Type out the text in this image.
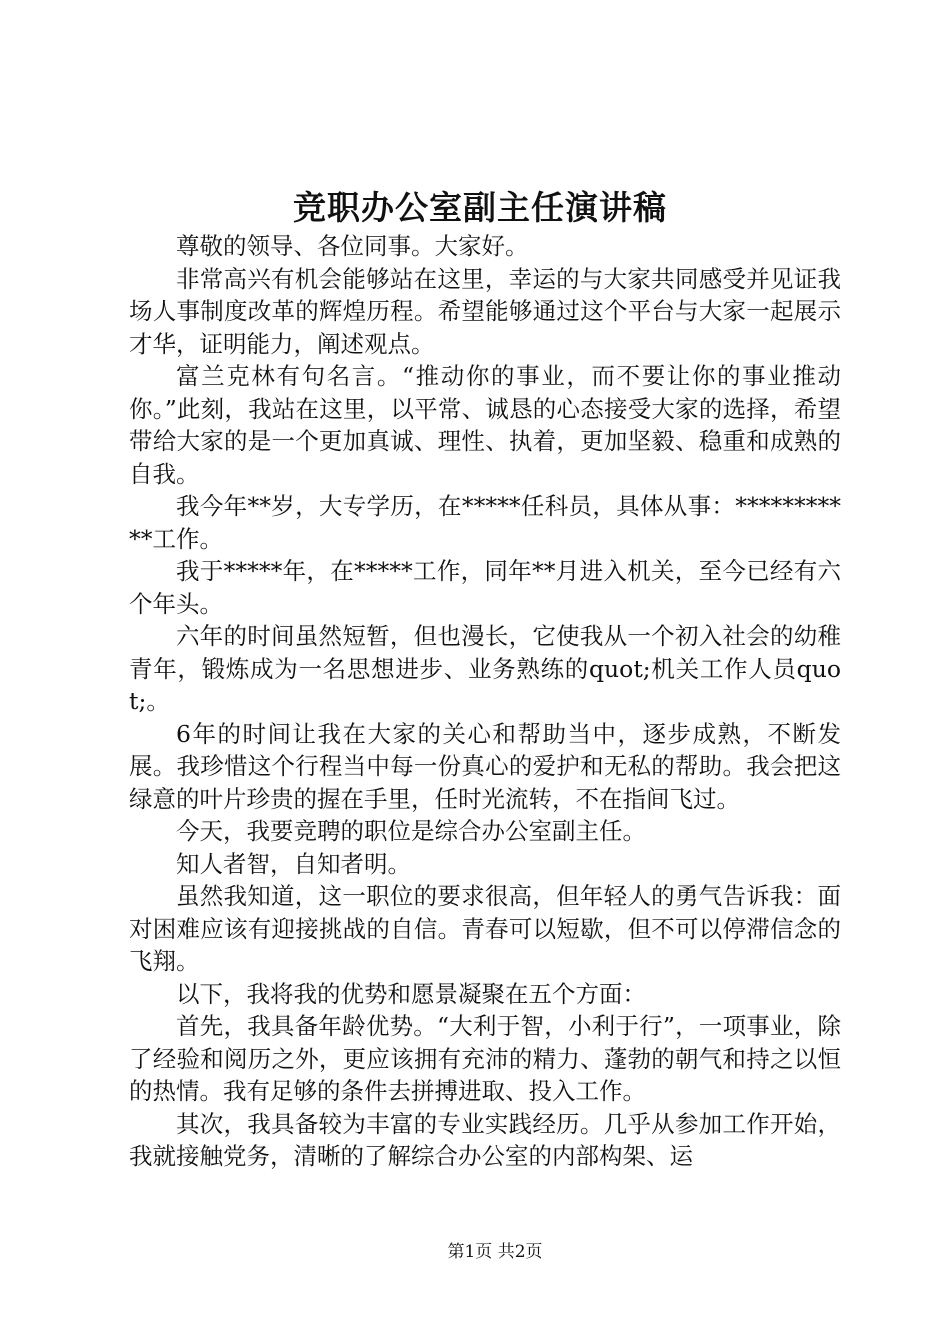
竞职办公室副主任演讲稿

尊敬的领导、各位同事。大家好。

非常高兴有机会能够站在这里，幸运的与大家共同感受并见证我场人事制度改革的辉煌历程。希望能够通过这个平台与大家一起展示才华，证明能力，阐述观点。

富兰克林有句名言。“推动你的事业，而不要让你的事业推动你。”此刻，我站在这里，以平常、诚恳的心态接受大家的选择，希望带给大家的是一个更加真诚、理性、执着，更加坚毅、稳重和成熟的自我。

我今年**岁，大专学历，在*****任科员，具体从事：***********工作。

我于*****年，在*****工作，同年**月进入机关，至今已经有六个年头。

六年的时间虽然短暂，但也漫长，它使我从一个初入社会的幼稚青年，锻炼成为一名思想进步、业务熟练的quot;机关工作人员quot;。

6年的时间让我在大家的关心和帮助当中，逐步成熟，不断发展。我珍惜这个行程当中每一份真心的爱护和无私的帮助。我会把这绿意的叶片珍贵的握在手里，任时光流转，不在指间飞过。

今天，我要竞聘的职位是综合办公室副主任。

知人者智，自知者明。

虽然我知道，这一职位的要求很高，但年轻人的勇气告诉我：面对困难应该有迎接挑战的自信。青春可以短歇，但不可以停滞信念的飞翔。

以下，我将我的优势和愿景凝聚在五个方面：

首先，我具备年龄优势。“大利于智，小利于行”，一项事业，除了经验和阅历之外，更应该拥有充沛的精力、蓬勃的朝气和持之以恒的热情。我有足够的条件去拼搏进取、投入工作。

其次，我具备较为丰富的专业实践经历。几乎从参加工作开始，我就接触党务，清晰的了解综合办公室的内部构架、运

第1页 共2页
